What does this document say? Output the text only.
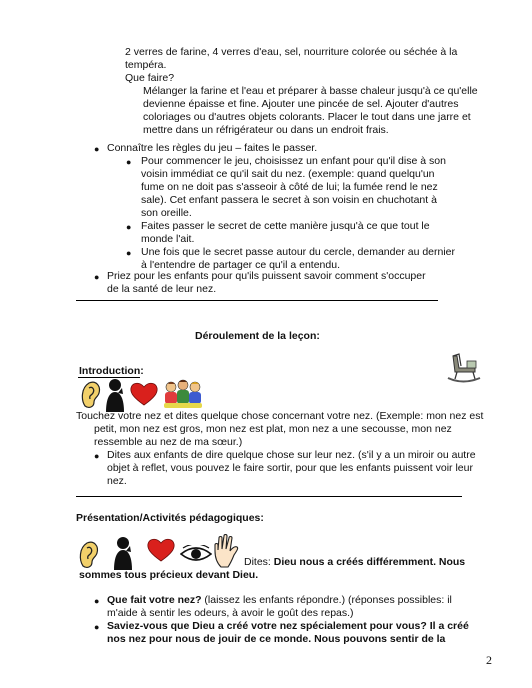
2 verres de farine, 4 verres d'eau, sel, nourriture colorée ou séchée à la
tempéra.
Que faire?
Mélanger la farine et l'eau et préparer à basse chaleur jusqu'à ce qu'elle
devienne épaisse et fine. Ajouter une pincée de sel. Ajouter d'autres
coloriages ou d'autres objets colorants. Placer le tout dans une jarre et
mettre dans un réfrigérateur ou dans un endroit frais.
● Connaître les règles du jeu – faites le passer.
● Pour commencer le jeu, choisissez un enfant pour qu'il dise à son
voisin immédiat ce qu'il sait du nez. (exemple: quand quelqu'un
fume on ne doit pas s'asseoir à côté de lui; la fumée rend le nez
sale). Cet enfant passera le secret à son voisin en chuchotant à
son oreille.
● Faites passer le secret de cette manière jusqu'à ce que tout le
monde l'ait.
● Une fois que le secret passe autour du cercle, demander au dernier
à l'entendre de partager ce qu'il a entendu.
● Priez pour les enfants pour qu'ils puissent savoir comment s'occuper
de la santé de leur nez.
Déroulement de la leçon:
Introduction:
Touchez votre nez et dites quelque chose concernant votre nez. (Exemple: mon nez est
petit, mon nez est gros, mon nez est plat, mon nez a une secousse, mon nez
ressemble au nez de ma sœur.)
● Dites aux enfants de dire quelque chose sur leur nez. (s'il y a un miroir ou autre
objet à reflet, vous pouvez le faire sortir, pour que les enfants puissent voir leur
nez.
Présentation/Activités pédagogiques:
Dites: Dieu nous a créés différemment. Nous
sommes tous précieux devant Dieu.
● Que fait votre nez? (laissez les enfants répondre.) (réponses possibles: il
m'aide à sentir les odeurs, à avoir le goût des repas.)
● Saviez-vous que Dieu a créé votre nez spécialement pour vous? Il a créé
nos nez pour nous de jouir de ce monde. Nous pouvons sentir de la
2
